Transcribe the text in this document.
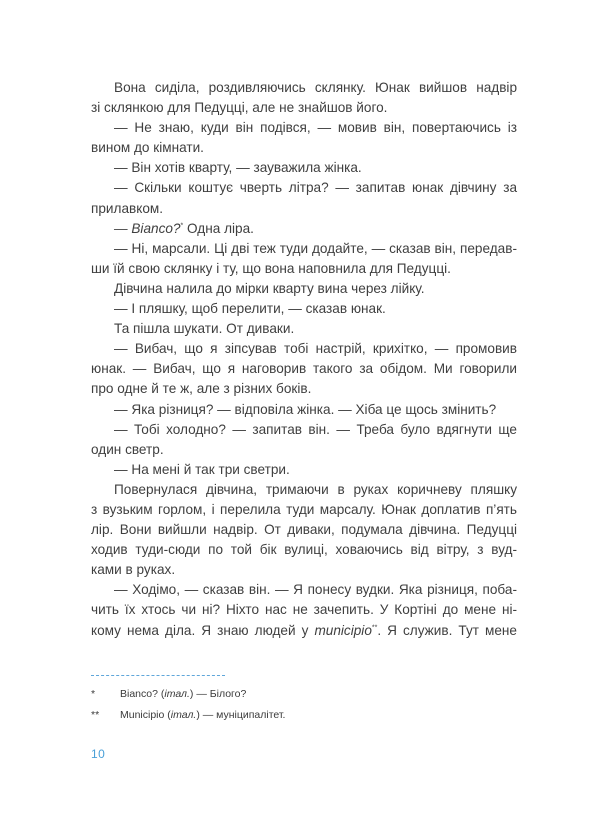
Вона сиділа, роздивляючись склянку. Юнак вийшов надвір
зі склянкою для Педуцці, але не знайшов його.

— Не знаю, куди він подівся, — мовив він, повертаючись із
вином до кімнати.

— Він хотів кварту, — зауважила жінка.

— Скільки коштує чверть літра? — запитав юнак дівчину за
прилавком.

— Bianco?* Одна ліра.

— Ні, марсали. Ці дві теж туди додайте, — сказав він, передав-
ши їй свою склянку і ту, що вона наповнила для Педуцці.

Дівчина налила до мірки кварту вина через лійку.

— І пляшку, щоб перелити, — сказав юнак.

Та пішла шукати. От диваки.

— Вибач, що я зіпсував тобі настрій, крихітко, — промовив
юнак. — Вибач, що я наговорив такого за обідом. Ми говорили
про одне й те ж, але з різних боків.

— Яка різниця? — відповіла жінка. — Хіба це щось змінить?

— Тобі холодно? — запитав він. — Треба було вдягнути ще
один светр.

— На мені й так три светри.

Повернулася дівчина, тримаючи в руках коричневу пляшку
з вузьким горлом, і перелила туди марсалу. Юнак доплатив п’ять
лір. Вони вийшли надвір. От диваки, подумала дівчина. Педуцці
ходив туди-сюди по той бік вулиці, ховаючись від вітру, з вуд-
ками в руках.

— Ходімо, — сказав він. — Я понесу вудки. Яка різниця, поба-
чить їх хтось чи ні? Ніхто нас не зачепить. У Кортіні до мене ні-
кому нема діла. Я знаю людей у municipio**. Я служив. Тут мене

*	Bianco? (італ.) — Білого?
**	Municipio (італ.) — муніципалітет.
10
